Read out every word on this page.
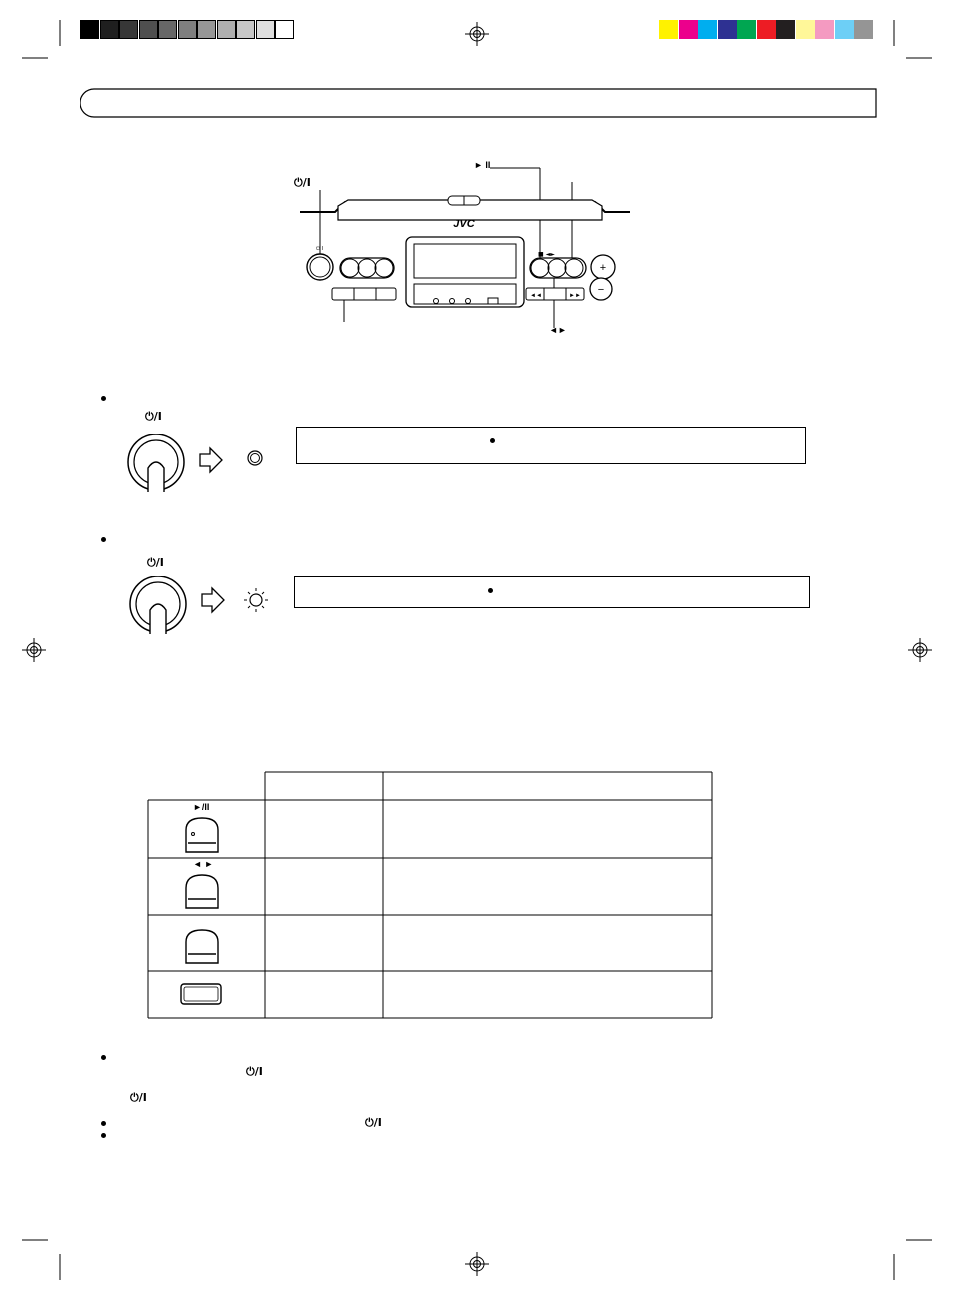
JVC
⏻ I
■ ◄►
◄◄	►►
+
−
⏻/I
► II
◄►
⏻/I
⏻/I
►/II
◄ ►
⏻/I
⏻/I
⏻/I
